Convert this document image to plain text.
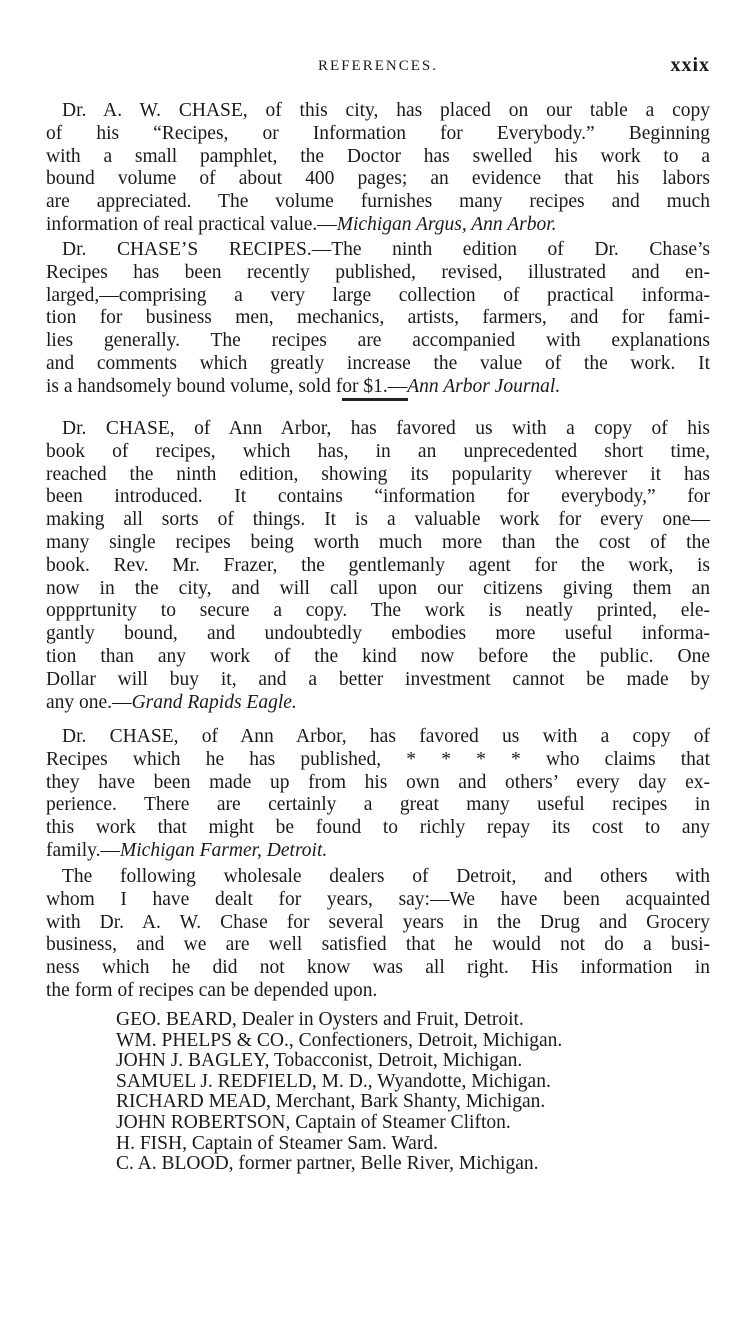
REFERENCES.	xxix
Dr. A. W. CHASE, of this city, has placed on our table a copy
of his “Recipes, or Information for Everybody.” Beginning
with a small pamphlet, the Doctor has swelled his work to a
bound volume of about 400 pages; an evidence that his labors
are appreciated. The volume furnishes many recipes and much
information of real practical value.—Michigan Argus, Ann Arbor.
Dr. CHASE’S RECIPES.—The ninth edition of Dr. Chase’s
Recipes has been recently published, revised, illustrated and en-
larged,—comprising a very large collection of practical informa-
tion for business men, mechanics, artists, farmers, and for fami-
lies generally. The recipes are accompanied with explanations
and comments which greatly increase the value of the work. It
is a handsomely bound volume, sold for $1.—Ann Arbor Journal.
Dr. CHASE, of Ann Arbor, has favored us with a copy of his
book of recipes, which has, in an unprecedented short time,
reached the ninth edition, showing its popularity wherever it has
been introduced. It contains “information for everybody,” for
making all sorts of things. It is a valuable work for every one—
many single recipes being worth much more than the cost of the
book. Rev. Mr. Frazer, the gentlemanly agent for the work, is
now in the city, and will call upon our citizens giving them an
oppprtunity to secure a copy. The work is neatly printed, ele-
gantly bound, and undoubtedly embodies more useful informa-
tion than any work of the kind now before the public. One
Dollar will buy it, and a better investment cannot be made by
any one.—Grand Rapids Eagle.
Dr. CHASE, of Ann Arbor, has favored us with a copy of
Recipes which he has published, * * * * who claims that
they have been made up from his own and others’ every day ex-
perience. There are certainly a great many useful recipes in
this work that might be found to richly repay its cost to any
family.—Michigan Farmer, Detroit.
The following wholesale dealers of Detroit, and others with
whom I have dealt for years, say:—We have been acquainted
with Dr. A. W. Chase for several years in the Drug and Grocery
business, and we are well satisfied that he would not do a busi-
ness which he did not know was all right. His information in
the form of recipes can be depended upon.
GEO. BEARD, Dealer in Oysters and Fruit, Detroit.
WM. PHELPS & CO., Confectioners, Detroit, Michigan.
JOHN J. BAGLEY, Tobacconist, Detroit, Michigan.
SAMUEL J. REDFIELD, M. D., Wyandotte, Michigan.
RICHARD MEAD, Merchant, Bark Shanty, Michigan.
JOHN ROBERTSON, Captain of Steamer Clifton.
H. FISH, Captain of Steamer Sam. Ward.
C. A. BLOOD, former partner, Belle River, Michigan.
